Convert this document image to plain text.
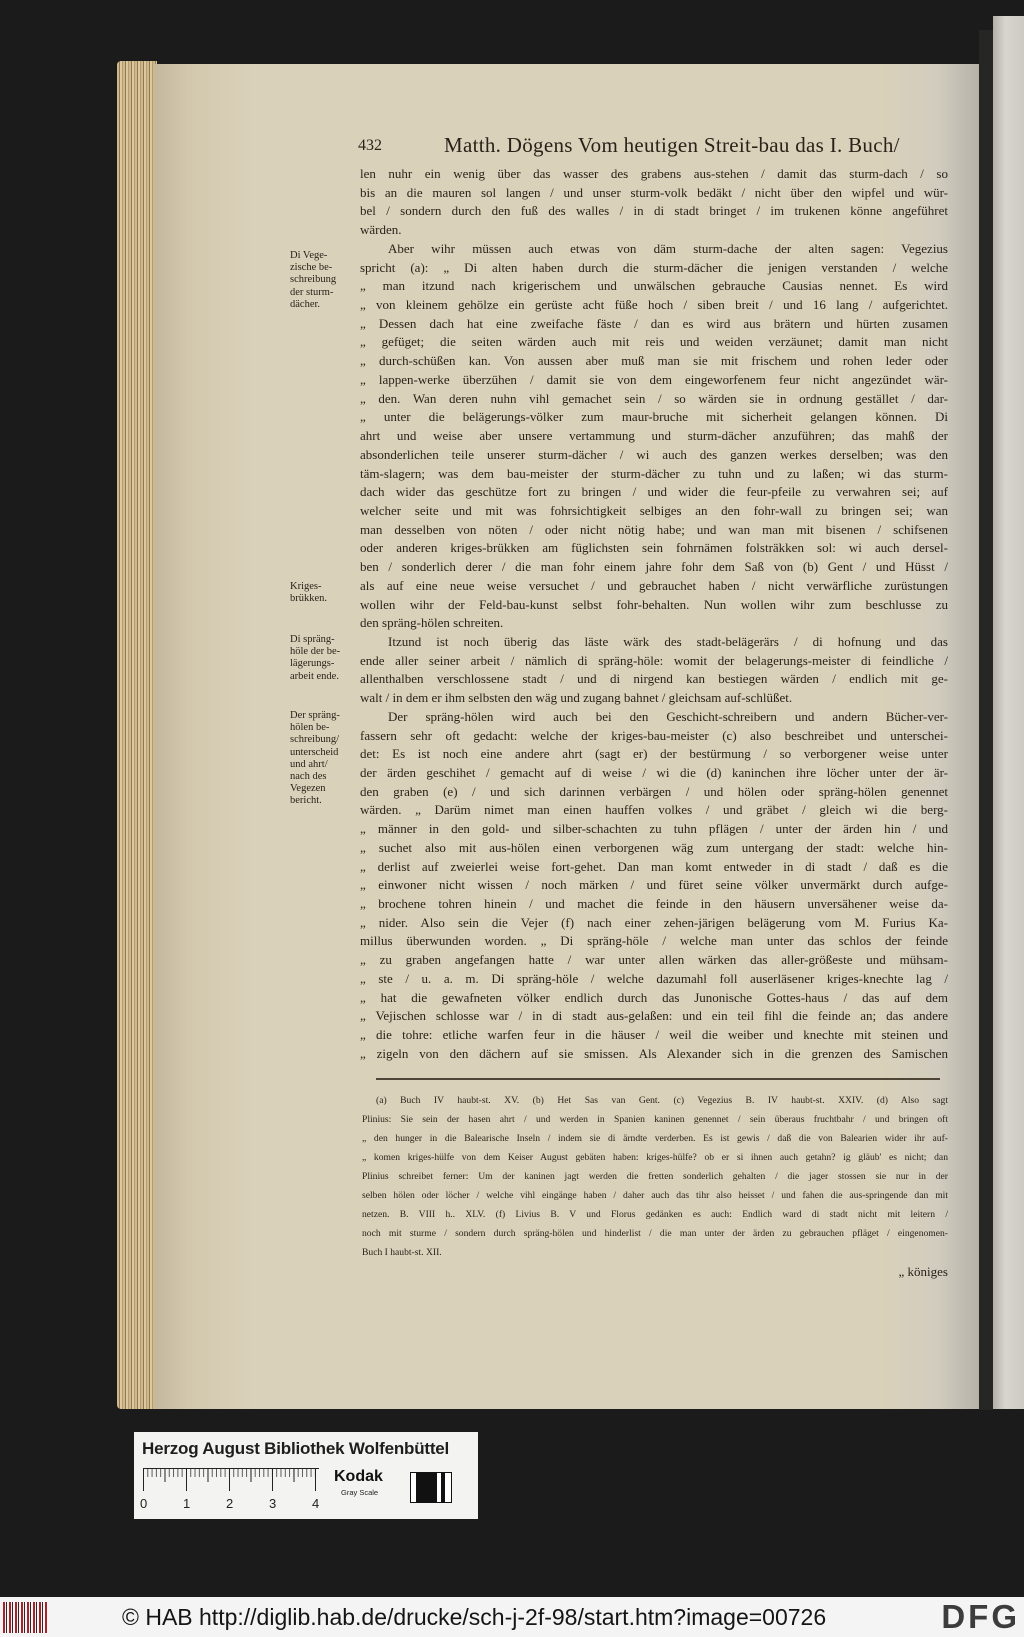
432	Matth. Dögens Vom heutigen Streit-bau das I. Buch/
len nuhr ein wenig über das wasser des grabens aus-stehen / damit das sturm-dach / so
bis an die mauren sol langen / und unser sturm-volk bedäkt / nicht über den wipfel und wür-
bel / sondern durch den fuß des walles / in di stadt bringet / im trukenen könne angeführet
wärden.
Aber wihr müssen auch etwas von däm sturm-dache der alten sagen: Vegezius
spricht (a): „ Di alten haben durch die sturm-dächer die jenigen verstanden / welche
„ man itzund nach krigerischem und unwälschen gebrauche Causias nennet. Es wird
„ von kleinem gehölze ein gerüste acht füße hoch / siben breit / und 16 lang / aufgerichtet.
„ Dessen dach hat eine zweifache fäste / dan es wird aus brätern und hürten zusamen
„ gefüget; die seiten wärden auch mit reis und weiden verzäunet; damit man nicht
„ durch-schüßen kan. Von aussen aber muß man sie mit frischem und rohen leder oder
„ lappen-werke überzühen / damit sie von dem eingeworfenem feur nicht angezündet wär-
„ den. Wan deren nuhn vihl gemachet sein / so wärden sie in ordnung gestället / dar-
„ unter die belägerungs-völker zum maur-bruche mit sicherheit gelangen können. Di
ahrt und weise aber unsere vertammung und sturm-dächer anzuführen; das mahß der
absonderlichen teile unserer sturm-dächer / wi auch des ganzen werkes derselben; was den
täm-slagern; was dem bau-meister der sturm-dächer zu tuhn und zu laßen; wi das sturm-
dach wider das geschütze fort zu bringen / und wider die feur-pfeile zu verwahren sei; auf
welcher seite und mit was fohrsichtigkeit selbiges an den fohr-wall zu bringen sei; wan
man desselben von nöten / oder nicht nötig habe; und wan man mit bisenen / schifsenen
oder anderen kriges-brükken am füglichsten sein fohrnämen folsträkken sol: wi auch dersel-
ben / sonderlich derer / die man fohr einem jahre fohr dem Saß von (b) Gent / und Hüsst /
als auf eine neue weise versuchet / und gebrauchet haben / nicht verwärfliche zurüstungen
wollen wihr der Feld-bau-kunst selbst fohr-behalten. Nun wollen wihr zum beschlusse zu
den spräng-hölen schreiten.
Itzund ist noch überig das läste wärk des stadt-belägerärs / di hofnung und das
ende aller seiner arbeit / nämlich di spräng-höle: womit der belagerungs-meister di feindliche /
allenthalben verschlossene stadt / und di nirgend kan bestiegen wärden / endlich mit ge-
walt / in dem er ihm selbsten den wäg und zugang bahnet / gleichsam auf-schlüßet.
Der spräng-hölen wird auch bei den Geschicht-schreibern und andern Bücher-ver-
fassern sehr oft gedacht: welche der kriges-bau-meister (c) also beschreibet und unterschei-
det: Es ist noch eine andere ahrt (sagt er) der bestürmung / so verborgener weise unter
der ärden geschihet / gemacht auf di weise / wi die (d) kaninchen ihre löcher unter der är-
den graben (e) / und sich darinnen verbärgen / und hölen oder spräng-hölen genennet
wärden. „ Darüm nimet man einen hauffen volkes / und gräbet / gleich wi die berg-
„ männer in den gold- und silber-schachten zu tuhn pflägen / unter der ärden hin / und
„ suchet also mit aus-hölen einen verborgenen wäg zum untergang der stadt: welche hin-
„ derlist auf zweierlei weise fort-gehet. Dan man komt entweder in di stadt / daß es die
„ einwoner nicht wissen / noch märken / und füret seine völker unvermärkt durch aufge-
„ brochene tohren hinein / und machet die feinde in den häusern unversähener weise da-
„ nider. Also sein die Vejer (f) nach einer zehen-järigen belägerung vom M. Furius Ka-
millus überwunden worden. „ Di spräng-höle / welche man unter das schlos der feinde
„ zu graben angefangen hatte / war unter allen wärken das aller-größeste und mühsam-
„ ste / u. a. m. Di spräng-höle / welche dazumahl foll auserläsener kriges-knechte lag /
„ hat die gewafneten völker endlich durch das Junonische Gottes-haus / das auf dem
„ Vejischen schlosse war / in di stadt aus-gelaßen: und ein teil fihl die feinde an; das andere
„ die tohre: etliche warfen feur in die häuser / weil die weiber und knechte mit steinen und
„ zigeln von den dächern auf sie smissen. Als Alexander sich in die grenzen des Samischen
Di Vege-
zische be-
schreibung
der sturm-
dächer.
Kriges-
brükken.
Di spräng-
höle der be-
lägerungs-
arbeit ende.
Der spräng-
hölen be-
schreibung/
unterscheid
und ahrt/
nach des
Vegezen
bericht.
(a) Buch IV haubt-st. XV. (b) Het Sas van Gent. (c) Vegezius B. IV haubt-st. XXIV. (d) Also sagt
Plinius: Sie sein der hasen ahrt / und werden in Spanien kaninen genennet / sein überaus fruchtbahr / und bringen oft
„ den hunger in die Balearische Inseln / indem sie di ärndte verderben. Es ist gewis / daß die von Balearien wider ihr auf-
„ komen kriges-hülfe von dem Keiser August gebäten haben: kriges-hülfe? ob er si ihnen auch getahn? ig gläub' es nicht; dan
Plinius schreibet ferner: Um der kaninen jagt werden die fretten sonderlich gehalten / die jager stossen sie nur in der
selben hölen oder löcher / welche vihl eingänge haben / daher auch das tihr also heisset / und fahen die aus-springende dan mit
netzen. B. VIII h.. XLV. (f) Livius B. V und Florus gedänken es auch: Endlich ward di stadt nicht mit leitern /
noch mit sturme / sondern durch spräng-hölen und hinderlist / die man unter der ärden zu gebrauchen pfläget / eingenomen-
Buch I haubt-st. XII.
„ königes
Herzog August Bibliothek Wolfenbüttel
0	1	2	3	4
Kodak
Gray Scale
© HAB http://diglib.hab.de/drucke/sch-j-2f-98/start.htm?image=00726	DFG
